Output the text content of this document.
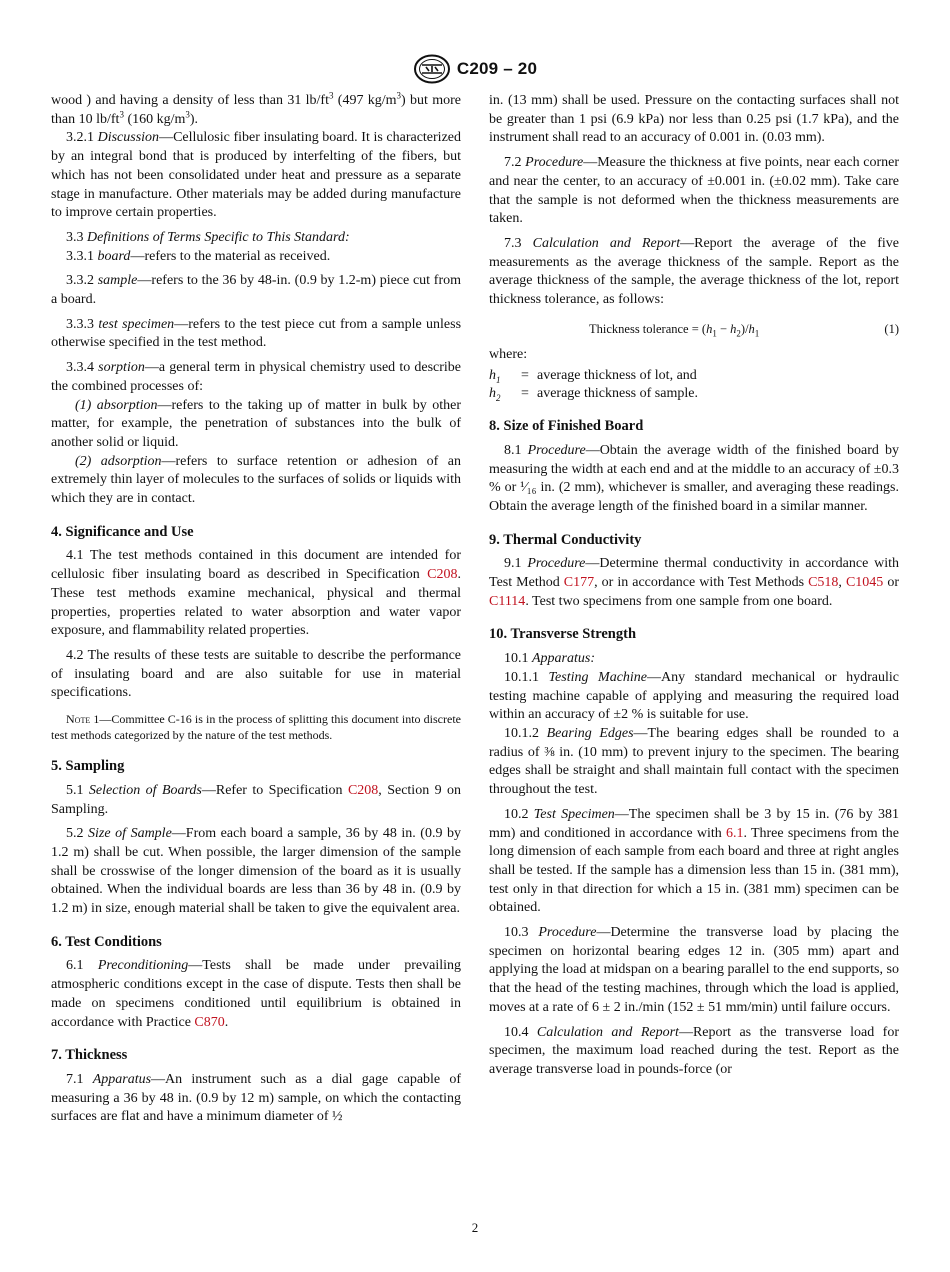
C209 – 20

wood ) and having a density of less than 31 $lb/ft^3$ (497 $kg/m^3$) but more than 10 $lb/ft^3$ (160 $kg/m^3$).

3.2.1 Discussion—Cellulosic fiber insulating board. It is characterized by an integral bond that is produced by interfelting of the fibers, but which has not been consolidated under heat and pressure as a separate stage in manufacture. Other materials may be added during manufacture to improve certain properties.

3.3 Definitions of Terms Specific to This Standard:

3.3.1 board—refers to the material as received.

3.3.2 sample—refers to the 36 by 48-in. (0.9 by 1.2-m) piece cut from a board.

3.3.3 test specimen—refers to the test piece cut from a sample unless otherwise specified in the test method.

3.3.4 sorption—a general term in physical chemistry used to describe the combined processes of:

(1) absorption—refers to the taking up of matter in bulk by other matter, for example, the penetration of substances into the bulk of another solid or liquid.

(2) adsorption—refers to surface retention or adhesion of an extremely thin layer of molecules to the surfaces of solids or liquids with which they are in contact.

4. Significance and Use

4.1 The test methods contained in this document are intended for cellulosic fiber insulating board as described in Specification C208. These test methods examine mechanical, physical and thermal properties, properties related to water absorption and water vapor exposure, and flammability related properties.

4.2 The results of these tests are suitable to describe the performance of insulating board and are also suitable for use in material specifications.

Note 1—Committee C-16 is in the process of splitting this document into discrete test methods categorized by the nature of the test methods.

5. Sampling

5.1 Selection of Boards—Refer to Specification C208, Section 9 on Sampling.

5.2 Size of Sample—From each board a sample, 36 by 48 in. (0.9 by 1.2 m) shall be cut. When possible, the larger dimension of the sample shall be crosswise of the longer dimension of the board as it is usually obtained. When the individual boards are less than 36 by 48 in. (0.9 by 1.2 m) in size, enough material shall be taken to give the equivalent area.

6. Test Conditions

6.1 Preconditioning—Tests shall be made under prevailing atmospheric conditions except in the case of dispute. Tests then shall be made on specimens conditioned until equilibrium is obtained in accordance with Practice C870.

7. Thickness

7.1 Apparatus—An instrument such as a dial gage capable of measuring a 36 by 48 in. (0.9 by 12 m) sample, on which the contacting surfaces are flat and have a minimum diameter of ½

in. (13 mm) shall be used. Pressure on the contacting surfaces shall not be greater than 1 psi (6.9 kPa) nor less than 0.25 psi (1.7 kPa), and the instrument shall read to an accuracy of 0.001 in. (0.03 mm).

7.2 Procedure—Measure the thickness at five points, near each corner and near the center, to an accuracy of ±0.001 in. (±0.02 mm). Take care that the sample is not deformed when the thickness measurements are taken.

7.3 Calculation and Report—Report the average of the five measurements as the average thickness of the sample. Report as the average thickness of the sample, the average thickness of the lot, report thickness tolerance, as follows:

Thickness tolerance = $(h_1 - h_2)/h_1$	(1)

where:

$h_1$	= average thickness of lot, and
$h_2$	= average thickness of sample.

8. Size of Finished Board

8.1 Procedure—Obtain the average width of the finished board by measuring the width at each end and at the middle to an accuracy of ±0.3 % or ¹⁄₁₆ in. (2 mm), whichever is smaller, and averaging these readings. Obtain the average length of the finished board in a similar manner.

9. Thermal Conductivity

9.1 Procedure—Determine thermal conductivity in accordance with Test Method C177, or in accordance with Test Methods C518, C1045 or C1114. Test two specimens from one sample from one board.

10. Transverse Strength

10.1 Apparatus:

10.1.1 Testing Machine—Any standard mechanical or hydraulic testing machine capable of applying and measuring the required load within an accuracy of ±2 % is suitable for use.

10.1.2 Bearing Edges—The bearing edges shall be rounded to a radius of ⅜ in. (10 mm) to prevent injury to the specimen. The bearing edges shall be straight and shall maintain full contact with the specimen throughout the test.

10.2 Test Specimen—The specimen shall be 3 by 15 in. (76 by 381 mm) and conditioned in accordance with 6.1. Three specimens from the long dimension of each sample from each board and three at right angles shall be tested. If the sample has a dimension less than 15 in. (381 mm), test only in that direction for which a 15 in. (381 mm) specimen can be obtained.

10.3 Procedure—Determine the transverse load by placing the specimen on horizontal bearing edges 12 in. (305 mm) apart and applying the load at midspan on a bearing parallel to the end supports, so that the head of the testing machines, through which the load is applied, moves at a rate of 6 ± 2 in./min (152 ± 51 mm/min) until failure occurs.

10.4 Calculation and Report—Report as the transverse load for specimen, the maximum load reached during the test. Report as the average transverse load in pounds-force (or

2
